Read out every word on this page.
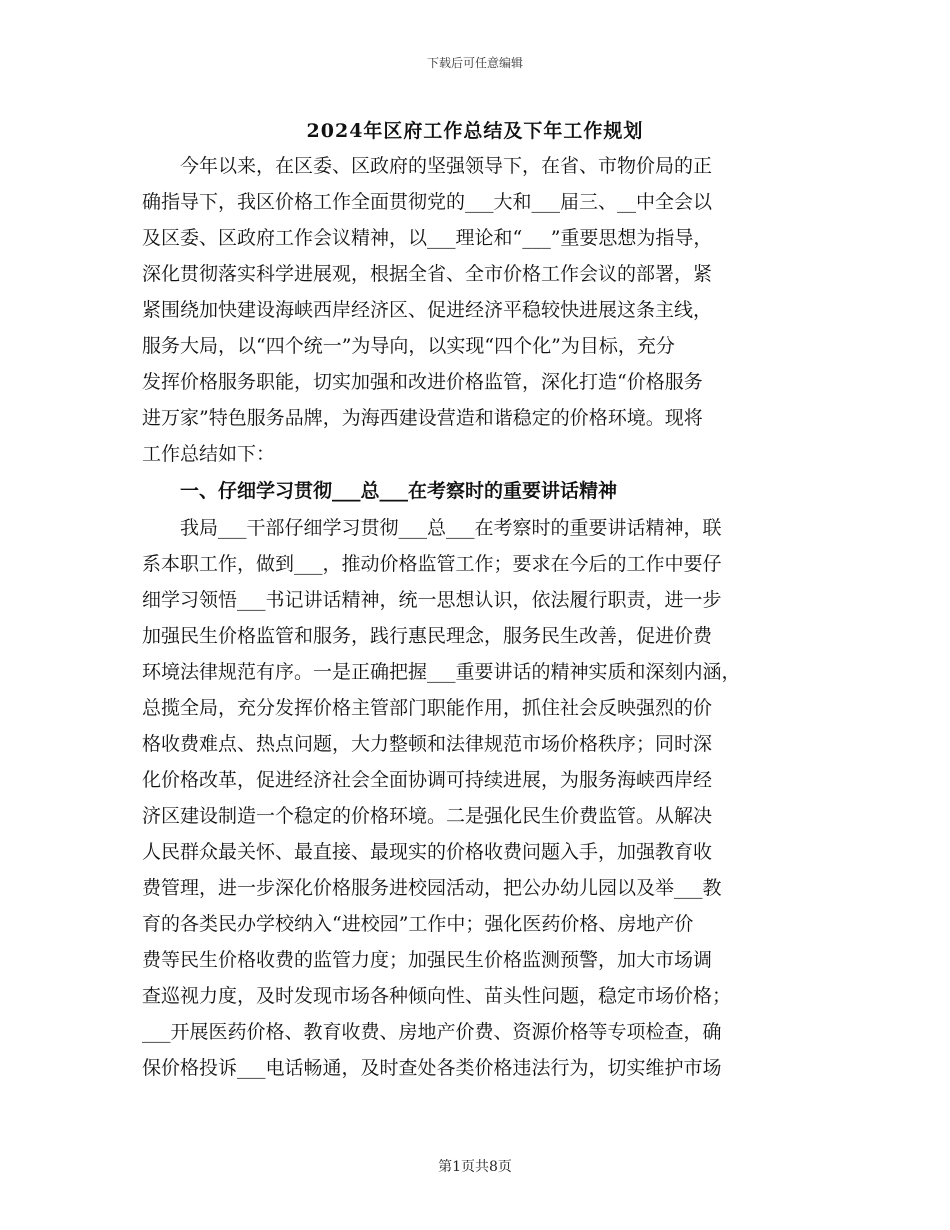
下载后可任意编辑
2024年区府工作总结及下年工作规划
　　今年以来，在区委、区政府的坚强领导下，在省、市物价局的正
确指导下，我区价格工作全面贯彻党的___大和___届三、__中全会以
及区委、区政府工作会议精神，以___理论和“___”重要思想为指导，
深化贯彻落实科学进展观，根据全省、全市价格工作会议的部署，紧
紧围绕加快建设海峡西岸经济区、促进经济平稳较快进展这条主线，
服务大局，以“四个统一”为导向，以实现“四个化”为目标，充分
发挥价格服务职能，切实加强和改进价格监管，深化打造“价格服务
进万家”特色服务品牌，为海西建设营造和谐稳定的价格环境。现将
工作总结如下：
　　一、仔细学习贯彻___总___在考察时的重要讲话精神
　　我局___干部仔细学习贯彻___总___在考察时的重要讲话精神，联
系本职工作，做到___，推动价格监管工作；要求在今后的工作中要仔
细学习领悟___书记讲话精神，统一思想认识，依法履行职责，进一步
加强民生价格监管和服务，践行惠民理念，服务民生改善，促进价费
环境法律规范有序。一是正确把握___重要讲话的精神实质和深刻内涵，
总揽全局，充分发挥价格主管部门职能作用，抓住社会反映强烈的价
格收费难点、热点问题，大力整顿和法律规范市场价格秩序；同时深
化价格改革，促进经济社会全面协调可持续进展，为服务海峡西岸经
济区建设制造一个稳定的价格环境。二是强化民生价费监管。从解决
人民群众最关怀、最直接、最现实的价格收费问题入手，加强教育收
费管理，进一步深化价格服务进校园活动，把公办幼儿园以及举___教
育的各类民办学校纳入“进校园”工作中；强化医药价格、房地产价
费等民生价格收费的监管力度；加强民生价格监测预警，加大市场调
查巡视力度，及时发现市场各种倾向性、苗头性问题，稳定市场价格；
___开展医药价格、教育收费、房地产价费、资源价格等专项检查，确
保价格投诉___电话畅通，及时查处各类价格违法行为，切实维护市场
第1页共8页
